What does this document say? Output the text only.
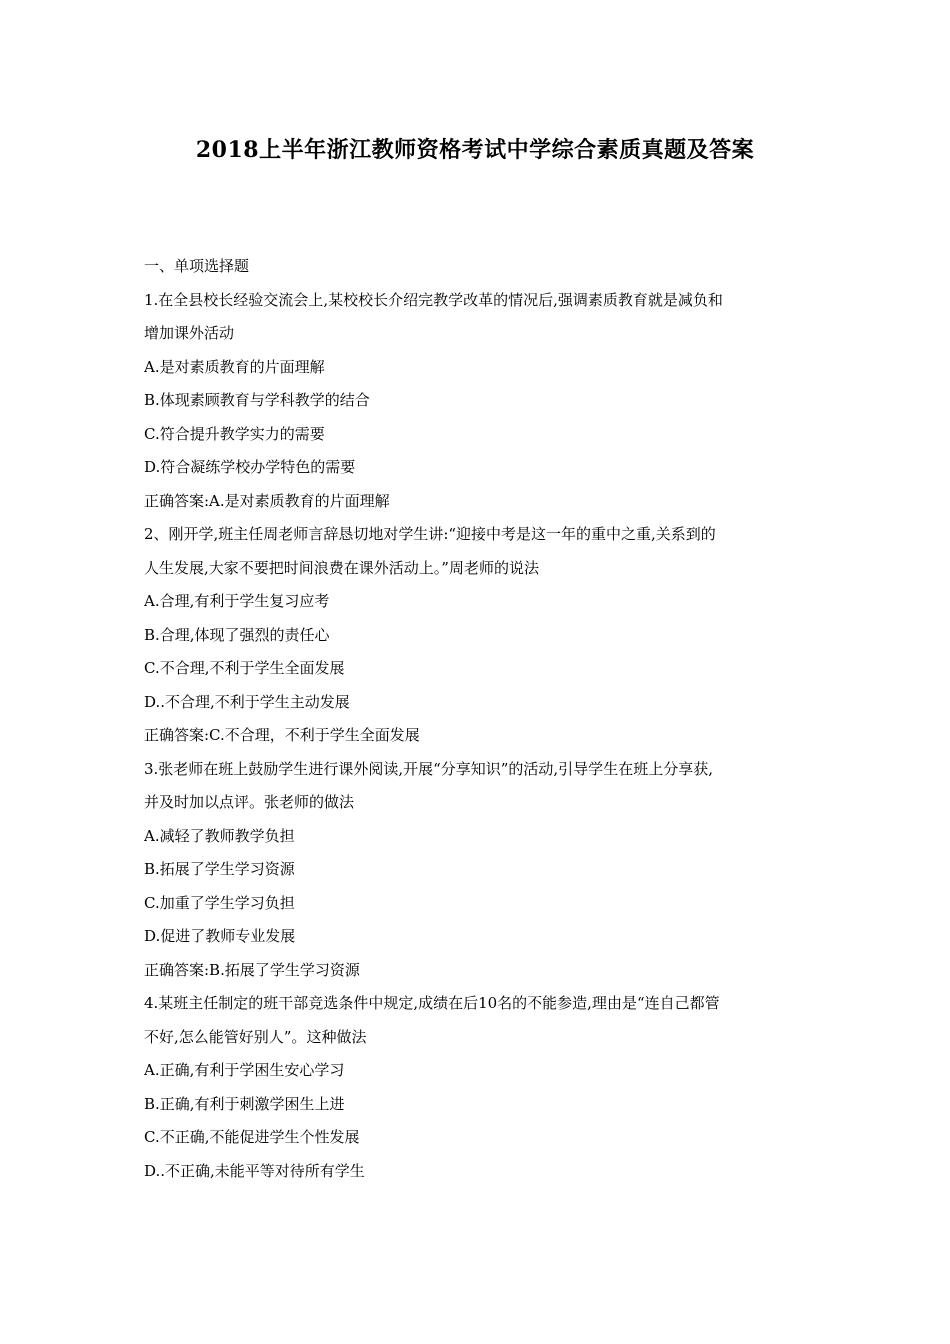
2018上半年浙江教师资格考试中学综合素质真题及答案
一、单项选择题
1.在全县校长经验交流会上,某校校长介绍完教学改革的情况后,强调素质教育就是减负和
增加课外活动
A.是对素质教育的片面理解
B.体现素顾教育与学科教学的结合
C.符合提升教学实力的需要
D.符合凝练学校办学特色的需要
正确答案:A.是对素质教育的片面理解
2、刚开学,班主任周老师言辞恳切地对学生讲:“迎接中考是这一年的重中之重,关系到的
人生发展,大家不要把时间浪费在课外活动上。”周老师的说法
A.合理,有利于学生复习应考
B.合理,体现了强烈的责任心
C.不合理,不利于学生全面发展
D..不合理,不利于学生主动发展
正确答案:C.不合理，不利于学生全面发展
3.张老师在班上鼓励学生进行课外阅读,开展“分享知识”的活动,引导学生在班上分享获,
并及时加以点评。张老师的做法
A.减轻了教师教学负担
B.拓展了学生学习资源
C.加重了学生学习负担
D.促进了教师专业发展
正确答案:B.拓展了学生学习资源
4.某班主任制定的班干部竞选条件中规定,成绩在后10名的不能参造,理由是“连自己都管
不好,怎么能管好别人”。这种做法
A.正确,有利于学困生安心学习
B.正确,有利于刺激学困生上进
C.不正确,不能促进学生个性发展
D..不正确,未能平等对待所有学生
